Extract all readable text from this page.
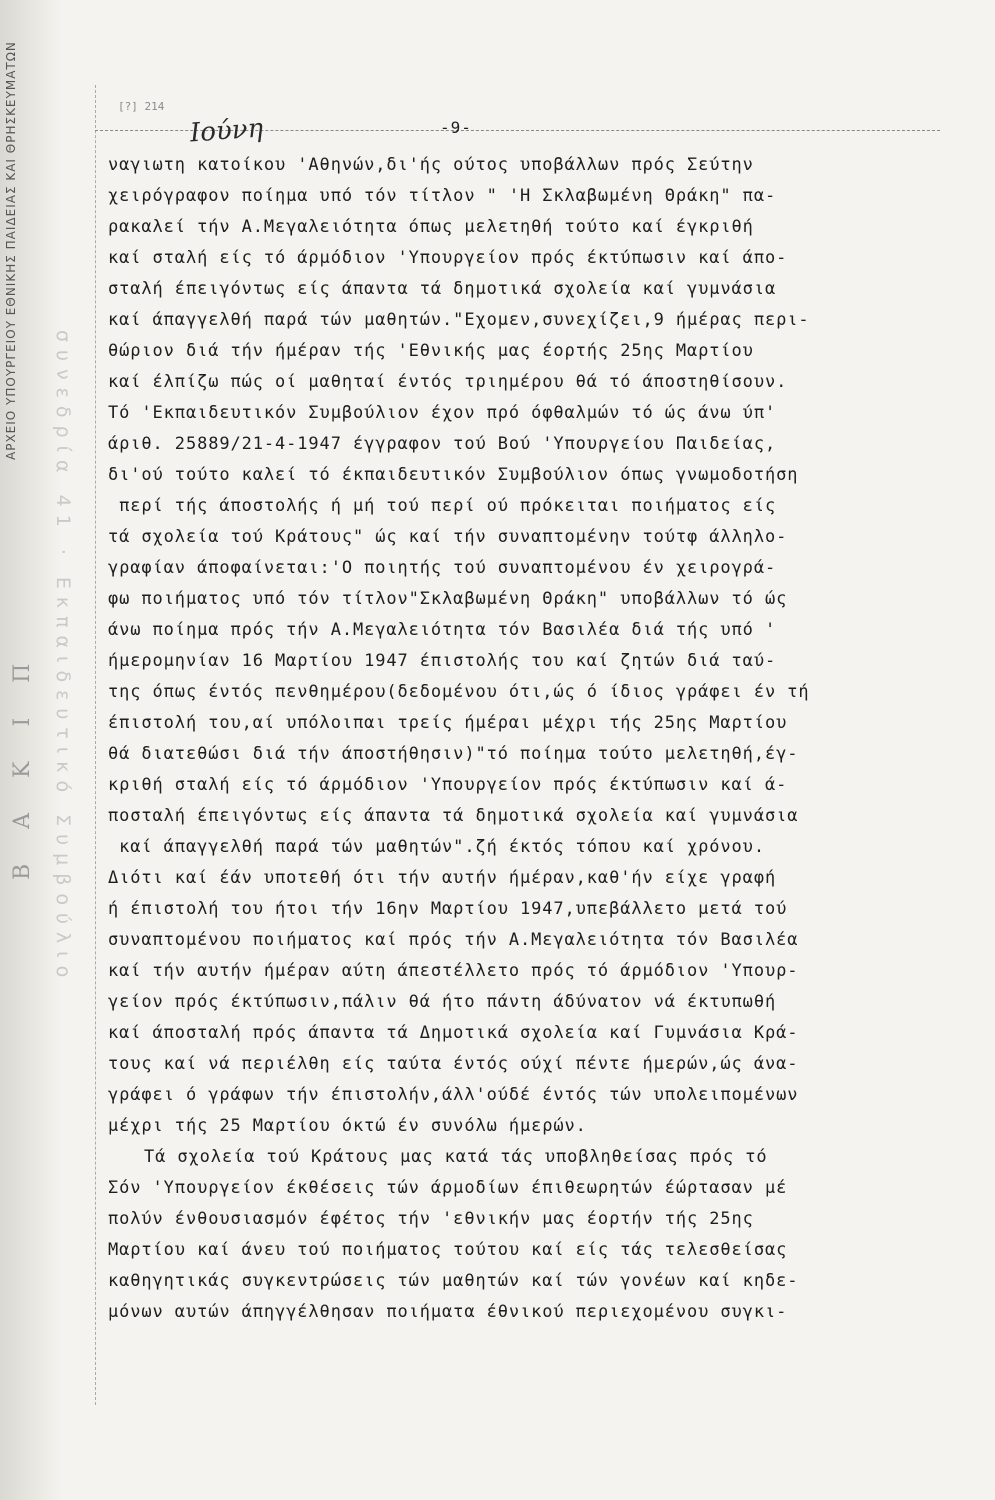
ΑΡΧΕΙΟ ΥΠΟΥΡΓΕΙΟΥ ΕΘΝΙΚΗΣ ΠΑΙΔΕΙΑΣ ΚΑΙ ΘΡΗΣΚΕΥΜΑΤΩΝ
Β Α Κ Ι Π συνεδρία 41 · Εκπαιδευτικό Συμβούλιο
[?] 214
Ιούνη	-9-
ναγιωτη κατοίκου 'Αθηνών,δι'ής ούτος υποβάλλων πρός Σεύτην
χειρόγραφον ποίημα υπό τόν τίτλον " 'Η Σκλαβωμένη Θράκη" πα-
ρακαλεί τήν Α.Μεγαλειότητα όπως μελετηθή τούτο καί έγκριθή
καί σταλή είς τό άρμόδιον 'Υπουργείον πρός έκτύπωσιν καί άπο-
σταλή έπειγόντως είς άπαντα τά δημοτικά σχολεία καί γυμνάσια
καί άπαγγελθή παρά τών μαθητών."Εχομεν,συνεχίζει,9 ήμέρας περι-
θώριον διά τήν ήμέραν τής 'Εθνικής μας έορτής 25ης Μαρτίου
καί έλπίζω πώς οί μαθηταί έντός τριημέρου θά τό άποστηθίσουν.
Τό 'Εκπαιδευτικόν Συμβούλιον έχον πρό όφθαλμών τό ώς άνω ύπ'
άριθ. 25889/21-4-1947 έγγραφον τού Βού 'Υπουργείου Παιδείας,
δι'ού τούτο καλεί τό έκπαιδευτικόν Συμβούλιον όπως γνωμοδοτήση
περί τής άποστολής ή μή τού περί ού πρόκειται ποιήματος είς
τά σχολεία τού Κράτους" ώς καί τήν συναπτομένην τούτφ άλληλο-
γραφίαν άποφαίνεται:'Ο ποιητής τού συναπτομένου έν χειρογρά-
φω ποιήματος υπό τόν τίτλον"Σκλαβωμένη Θράκη" υποβάλλων τό ώς
άνω ποίημα πρός τήν Α.Μεγαλειότητα τόν Βασιλέα διά τής υπό '
ήμερομηνίαν 16 Μαρτίου 1947 έπιστολής του καί ζητών διά ταύ-
της όπως έντός πενθημέρου(δεδομένου ότι,ώς ό ίδιος γράφει έν τή
έπιστολή του,αί υπόλοιπαι τρείς ήμέραι μέχρι τής 25ης Μαρτίου
θά διατεθώσι διά τήν άποστήθησιν)"τό ποίημα τούτο μελετηθή,έγ-
κριθή σταλή είς τό άρμόδιον 'Υπουργείον πρός έκτύπωσιν καί ά-
ποσταλή έπειγόντως είς άπαντα τά δημοτικά σχολεία καί γυμνάσια
καί άπαγγελθή παρά τών μαθητών".ζή έκτός τόπου καί χρόνου.
Διότι καί έάν υποτεθή ότι τήν αυτήν ήμέραν,καθ'ήν είχε γραφή
ή έπιστολή του ήτοι τήν 16ην Μαρτίου 1947,υπεβάλλετο μετά τού
συναπτομένου ποιήματος καί πρός τήν Α.Μεγαλειότητα τόν Βασιλέα
καί τήν αυτήν ήμέραν αύτη άπεστέλλετο πρός τό άρμόδιον 'Υπουρ-
γείον πρός έκτύπωσιν,πάλιν θά ήτο πάντη άδύνατον νά έκτυπωθή
καί άποσταλή πρός άπαντα τά Δημοτικά σχολεία καί Γυμνάσια Κρά-
τους καί νά περιέλθη είς ταύτα έντός ούχί πέντε ήμερών,ώς άνα-
γράφει ό γράφων τήν έπιστολήν,άλλ'ούδέ έντός τών υπολειπομένων
μέχρι τής 25 Μαρτίου όκτώ έν συνόλω ήμερών.
Τά σχολεία τού Κράτους μας κατά τάς υποβληθείσας πρός τό
Σόν 'Υπουργείον έκθέσεις τών άρμοδίων έπιθεωρητών έώρτασαν μέ
πολύν ένθουσιασμόν έφέτος τήν 'εθνικήν μας έορτήν τής 25ης
Μαρτίου καί άνευ τού ποιήματος τούτου καί είς τάς τελεσθείσας
καθηγητικάς συγκεντρώσεις τών μαθητών καί τών γονέων καί κηδε-
μόνων αυτών άπηγγέλθησαν ποιήματα έθνικού περιεχομένου συγκι-
